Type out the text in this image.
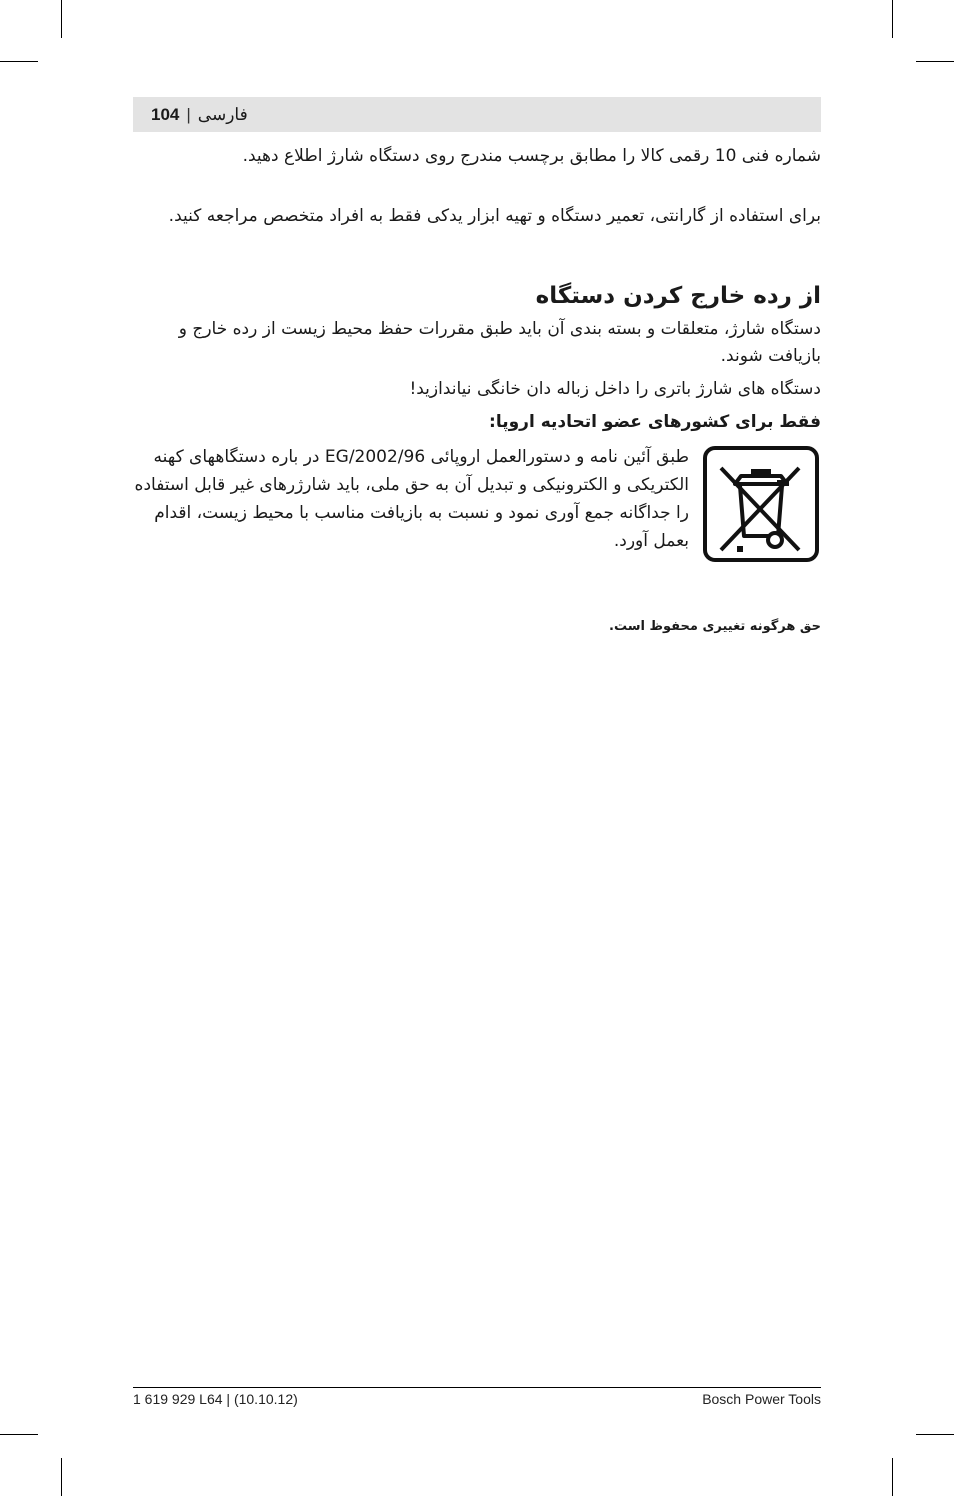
104 | فارسی

شماره فنی 10 رقمی کالا را مطابق برچسب مندرج روی دستگاه شارژ اطلاع دهید.

برای استفاده از گارانتی، تعمیر دستگاه و تهیه ابزار یدکی فقط به افراد متخصص مراجعه کنید.

از رده خارج کردن دستگاه

دستگاه شارژ، متعلقات و بسته بندی آن باید طبق مقررات حفظ محیط زیست از رده خارج و بازیافت شوند.

دستگاه های شارژ باتری را داخل زباله دان خانگی نیاندازید!

فقط برای کشورهای عضو اتحادیه اروپا:

طبق آئین نامه و دستورالعمل اروپائی 2002/96/EG در باره دستگاههای کهنه الکتریکی و الکترونیکی و تبدیل آن به حق ملی، باید شارژرهای غیر قابل استفاده را جداگانه جمع آوری نمود و نسبت به بازیافت مناسب با محیط زیست، اقدام بعمل آورد.

حق هرگونه تغییری محفوظ است.

1 619 929 L64 | (10.10.12)	Bosch Power Tools
